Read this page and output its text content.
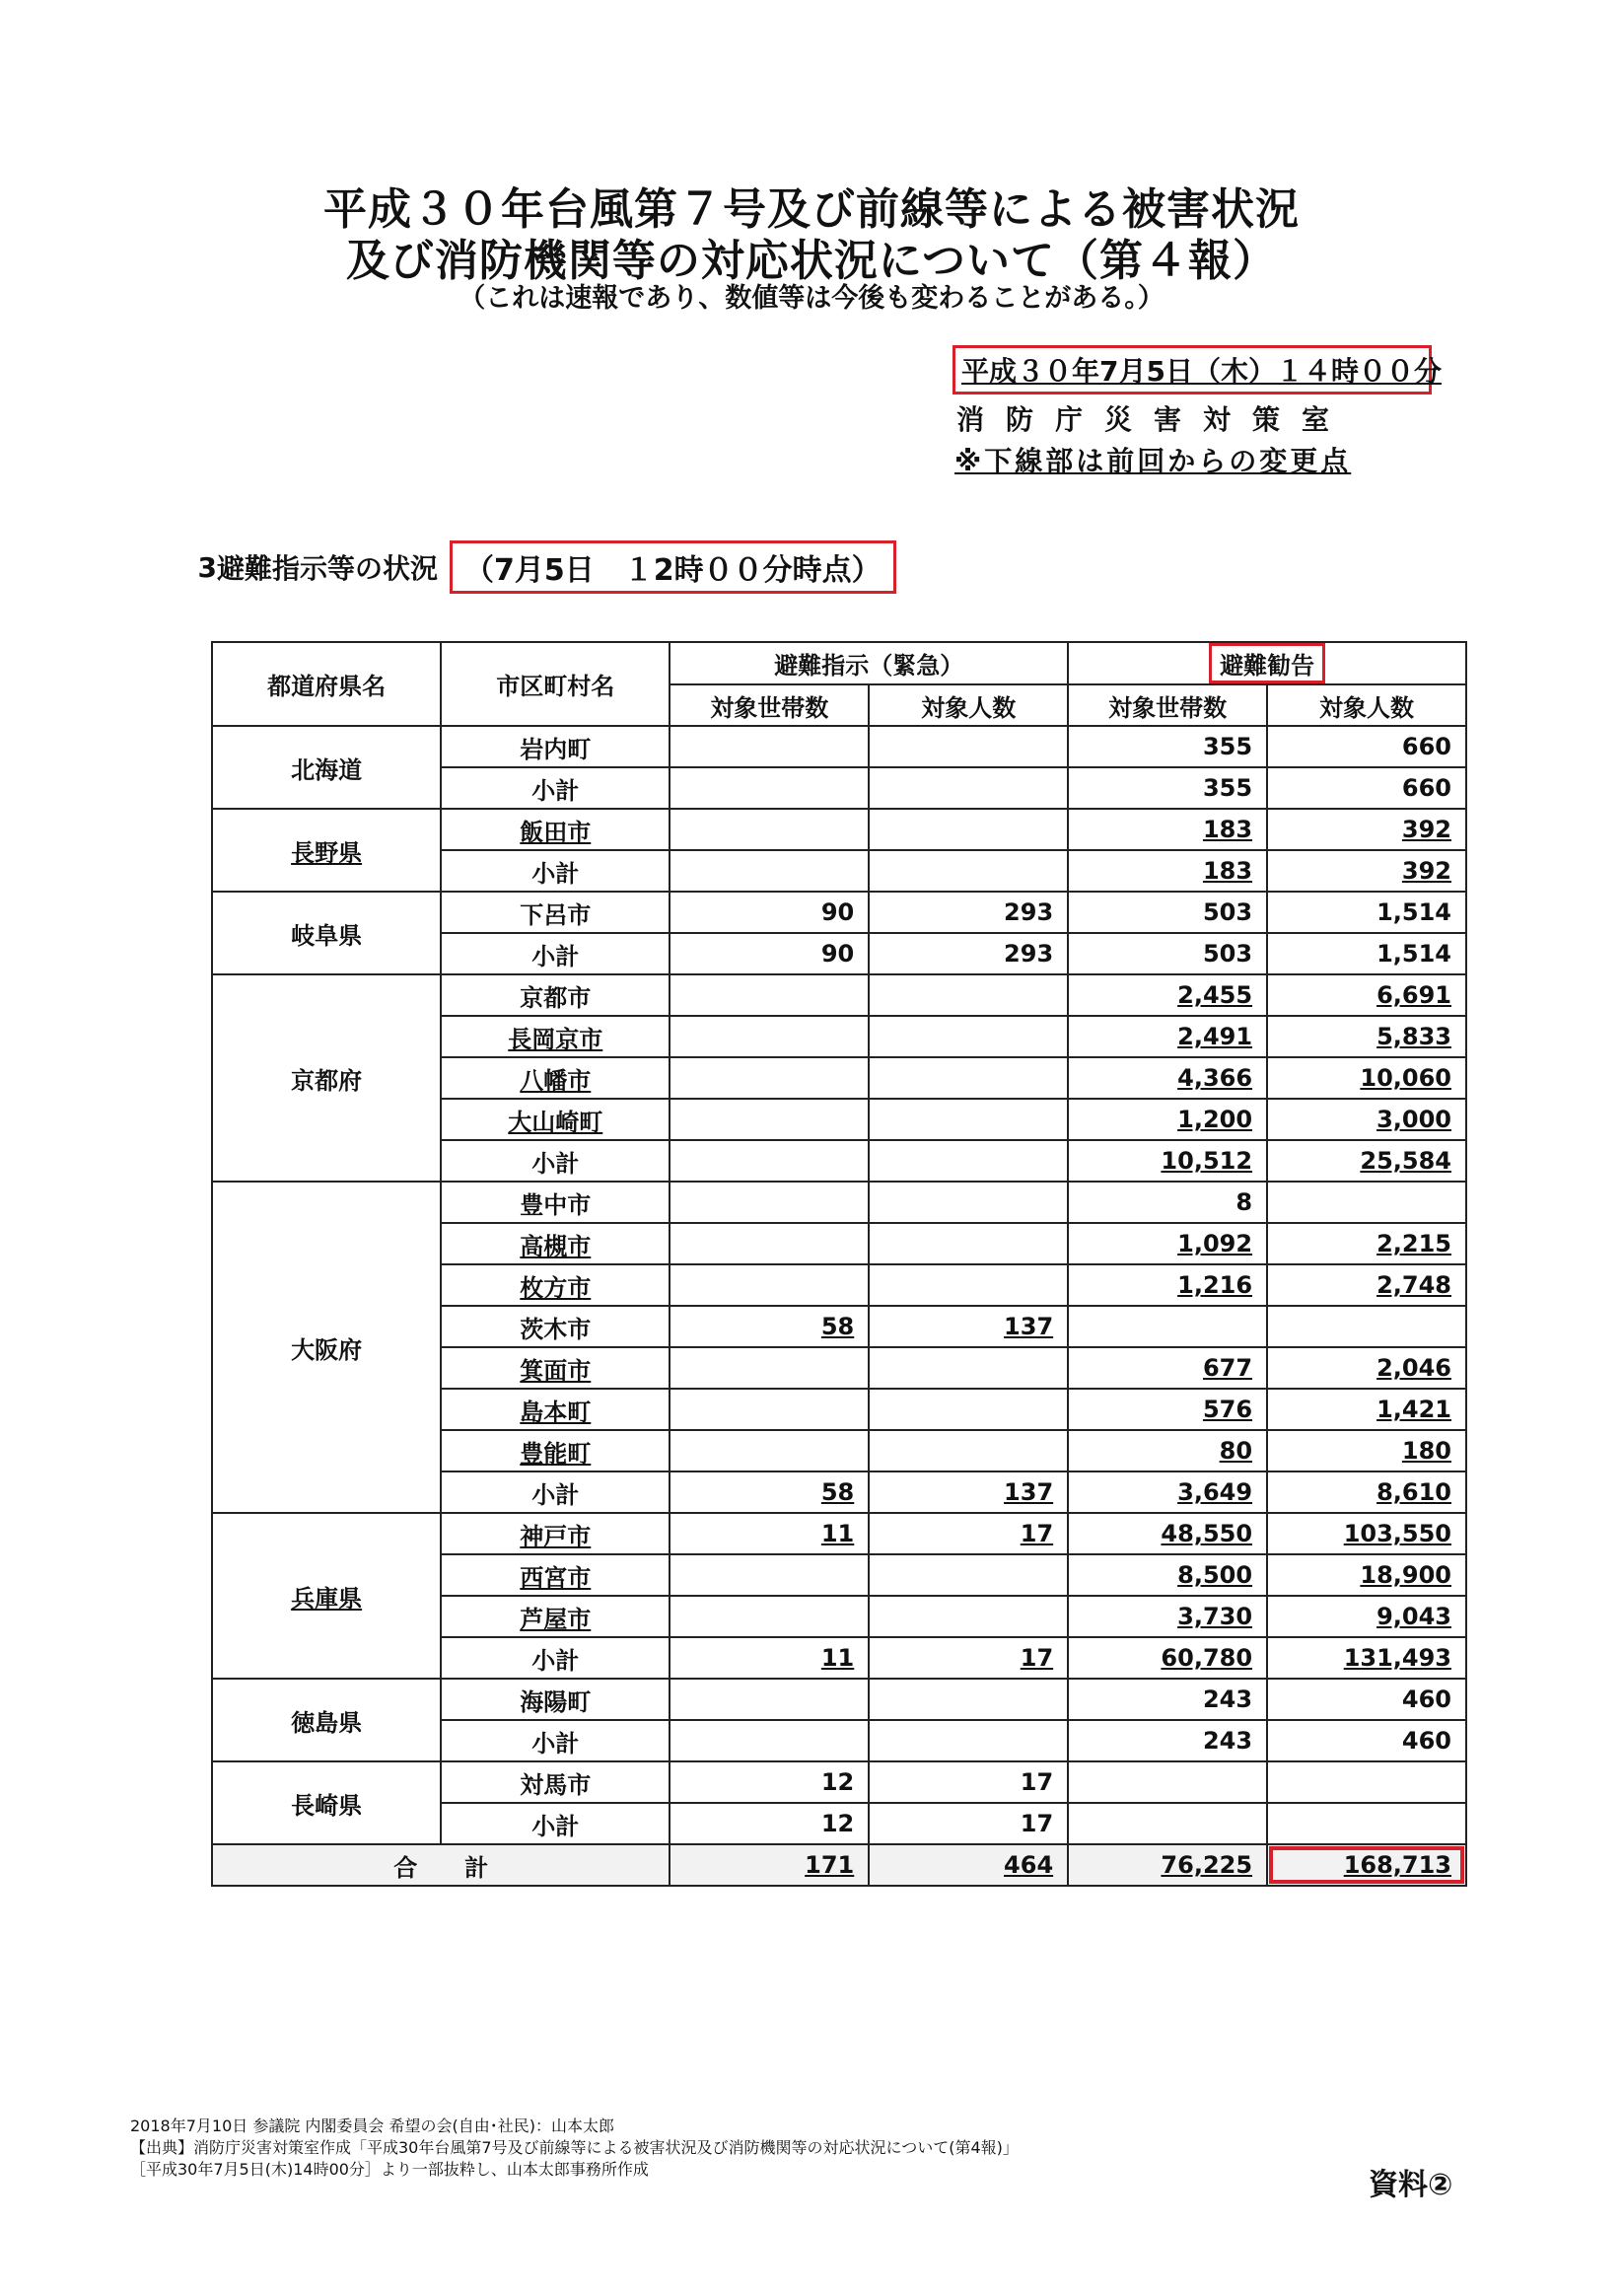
平成３０年台風第７号及び前線等による被害状況
及び消防機関等の対応状況について（第４報）
（これは速報であり、数値等は今後も変わることがある。）
平成３０年7月5日（木）１４時００分
消防庁災害対策室
※下線部は前回からの変更点
3 避難指示等の状況 （7月5日　１2時００分時点）
都道府県名	市区町村名	避難指示（緊急）		避難勧告	
		対象世帯数	対象人数	対象世帯数	対象人数
北海道	岩内町			355	660
	小計			355	660
長野県	飯田市			183	392
	小計			183	392
岐阜県	下呂市	90	293	503	1,514
	小計	90	293	503	1,514
京都府	京都市			2,455	6,691
	長岡京市			2,491	5,833
	八幡市			4,366	10,060
	大山崎町			1,200	3,000
	小計			10,512	25,584
大阪府	豊中市			8	
	高槻市			1,092	2,215
	枚方市			1,216	2,748
	茨木市	58	137		
	箕面市			677	2,046
	島本町			576	1,421
	豊能町			80	180
	小計	58	137	3,649	8,610
兵庫県	神戸市	11	17	48,550	103,550
	西宮市			8,500	18,900
	芦屋市			3,730	9,043
	小計	11	17	60,780	131,493
徳島県	海陽町			243	460
	小計			243	460
長崎県	対馬市	12	17		
	小計	12	17		
合　　計		171	464	76,225	168,713
2018年7月10日 参議院 内閣委員会 希望の会(自由･社民)：山本太郎
【出典】消防庁災害対策室作成「平成30年台風第7号及び前線等による被害状況及び消防機関等の対応状況について(第4報)」
［平成30年7月5日(木)14時00分］より一部抜粋し、山本太郎事務所作成	資料②
